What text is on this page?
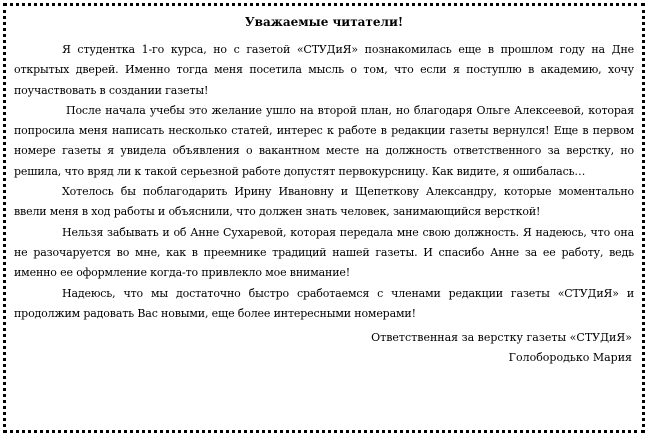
Уважаемые читатели!

Я студентка 1-го курса, но с газетой «СТУДиЯ» познакомилась еще в прошлом году на Дне открытых дверей. Именно тогда меня посетила мысль о том, что если я поступлю в академию, хочу поучаствовать в создании газеты!

После начала учебы это желание ушло на второй план, но благодаря Ольге Алексеевой, которая попросила меня написать несколько статей, интерес к работе в редакции газеты вернулся! Еще в первом номере газеты я увидела объявления о вакантном месте на должность ответственного за верстку, но решила, что вряд ли к такой серьезной работе допустят первокурсницу. Как видите, я ошибалась…

Хотелось бы поблагодарить Ирину Ивановну и Щепеткову Александру, которые моментально ввели меня в ход работы и объяснили, что должен знать человек, занимающийся версткой!

Нельзя забывать и об Анне Сухаревой, которая передала мне свою должность. Я надеюсь, что она не разочаруется во мне, как в преемнике традиций нашей газеты. И спасибо Анне за ее работу, ведь именно ее оформление когда-то привлекло мое внимание!

Надеюсь, что мы достаточно быстро сработаемся с членами редакции газеты «СТУДиЯ» и продолжим радовать Вас новыми, еще более интересными номерами!

Ответственная за верстку газеты «СТУДиЯ»

Голобородько Мария
